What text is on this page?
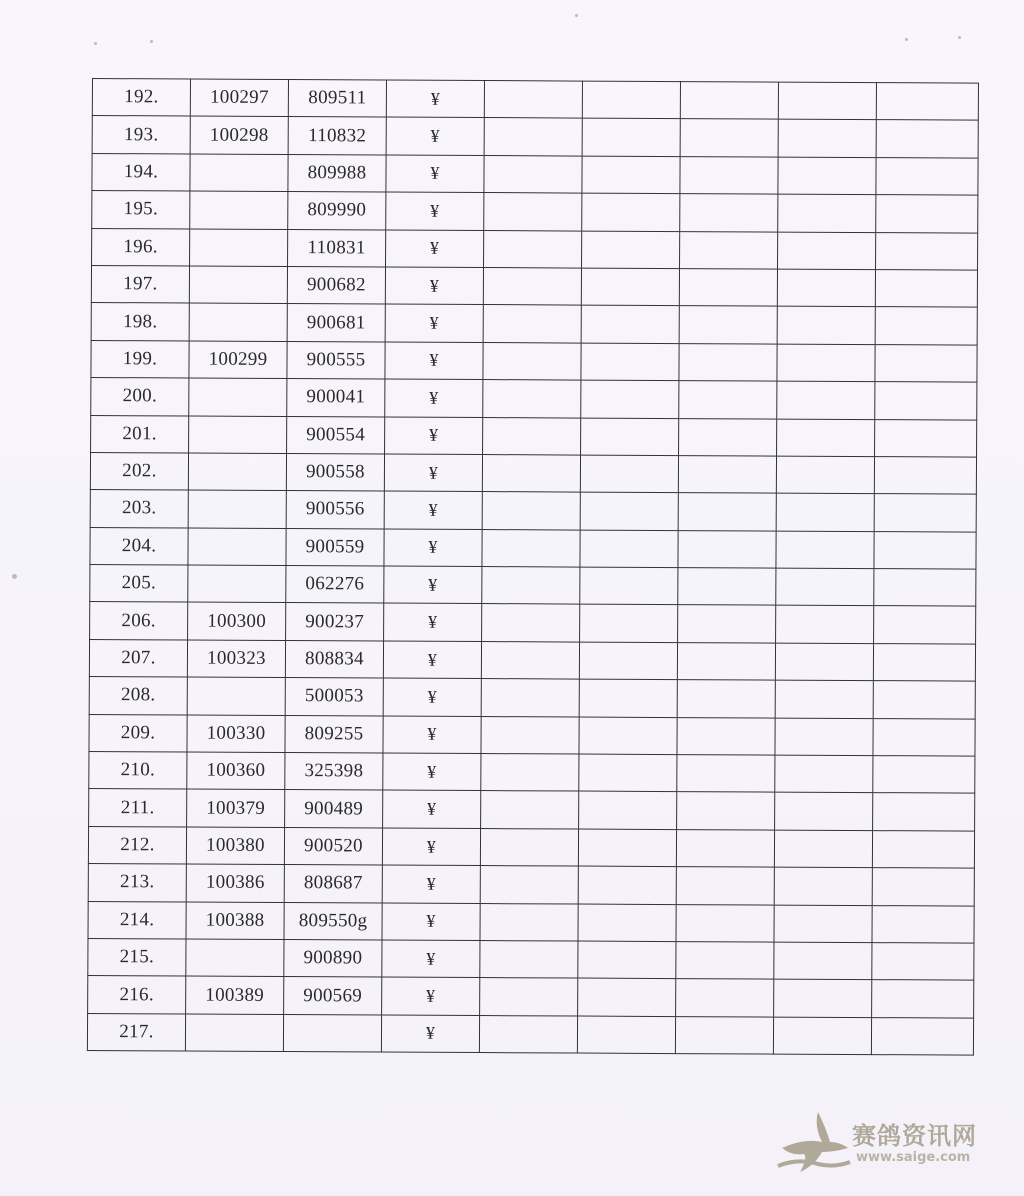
192.	100297	809511	¥					
193.	100298	110832	¥					
194.		809988	¥					
195.		809990	¥					
196.		110831	¥					
197.		900682	¥					
198.		900681	¥					
199.	100299	900555	¥					
200.		900041	¥					
201.		900554	¥					
202.		900558	¥					
203.		900556	¥					
204.		900559	¥					
205.		062276	¥					
206.	100300	900237	¥					
207.	100323	808834	¥					
208.		500053	¥					
209.	100330	809255	¥					
210.	100360	325398	¥					
211.	100379	900489	¥					
212.	100380	900520	¥					
213.	100386	808687	¥					
214.	100388	809550g	¥					
215.		900890	¥					
216.	100389	900569	¥					
217.			¥					
赛鸽资讯网
www.saige.com
